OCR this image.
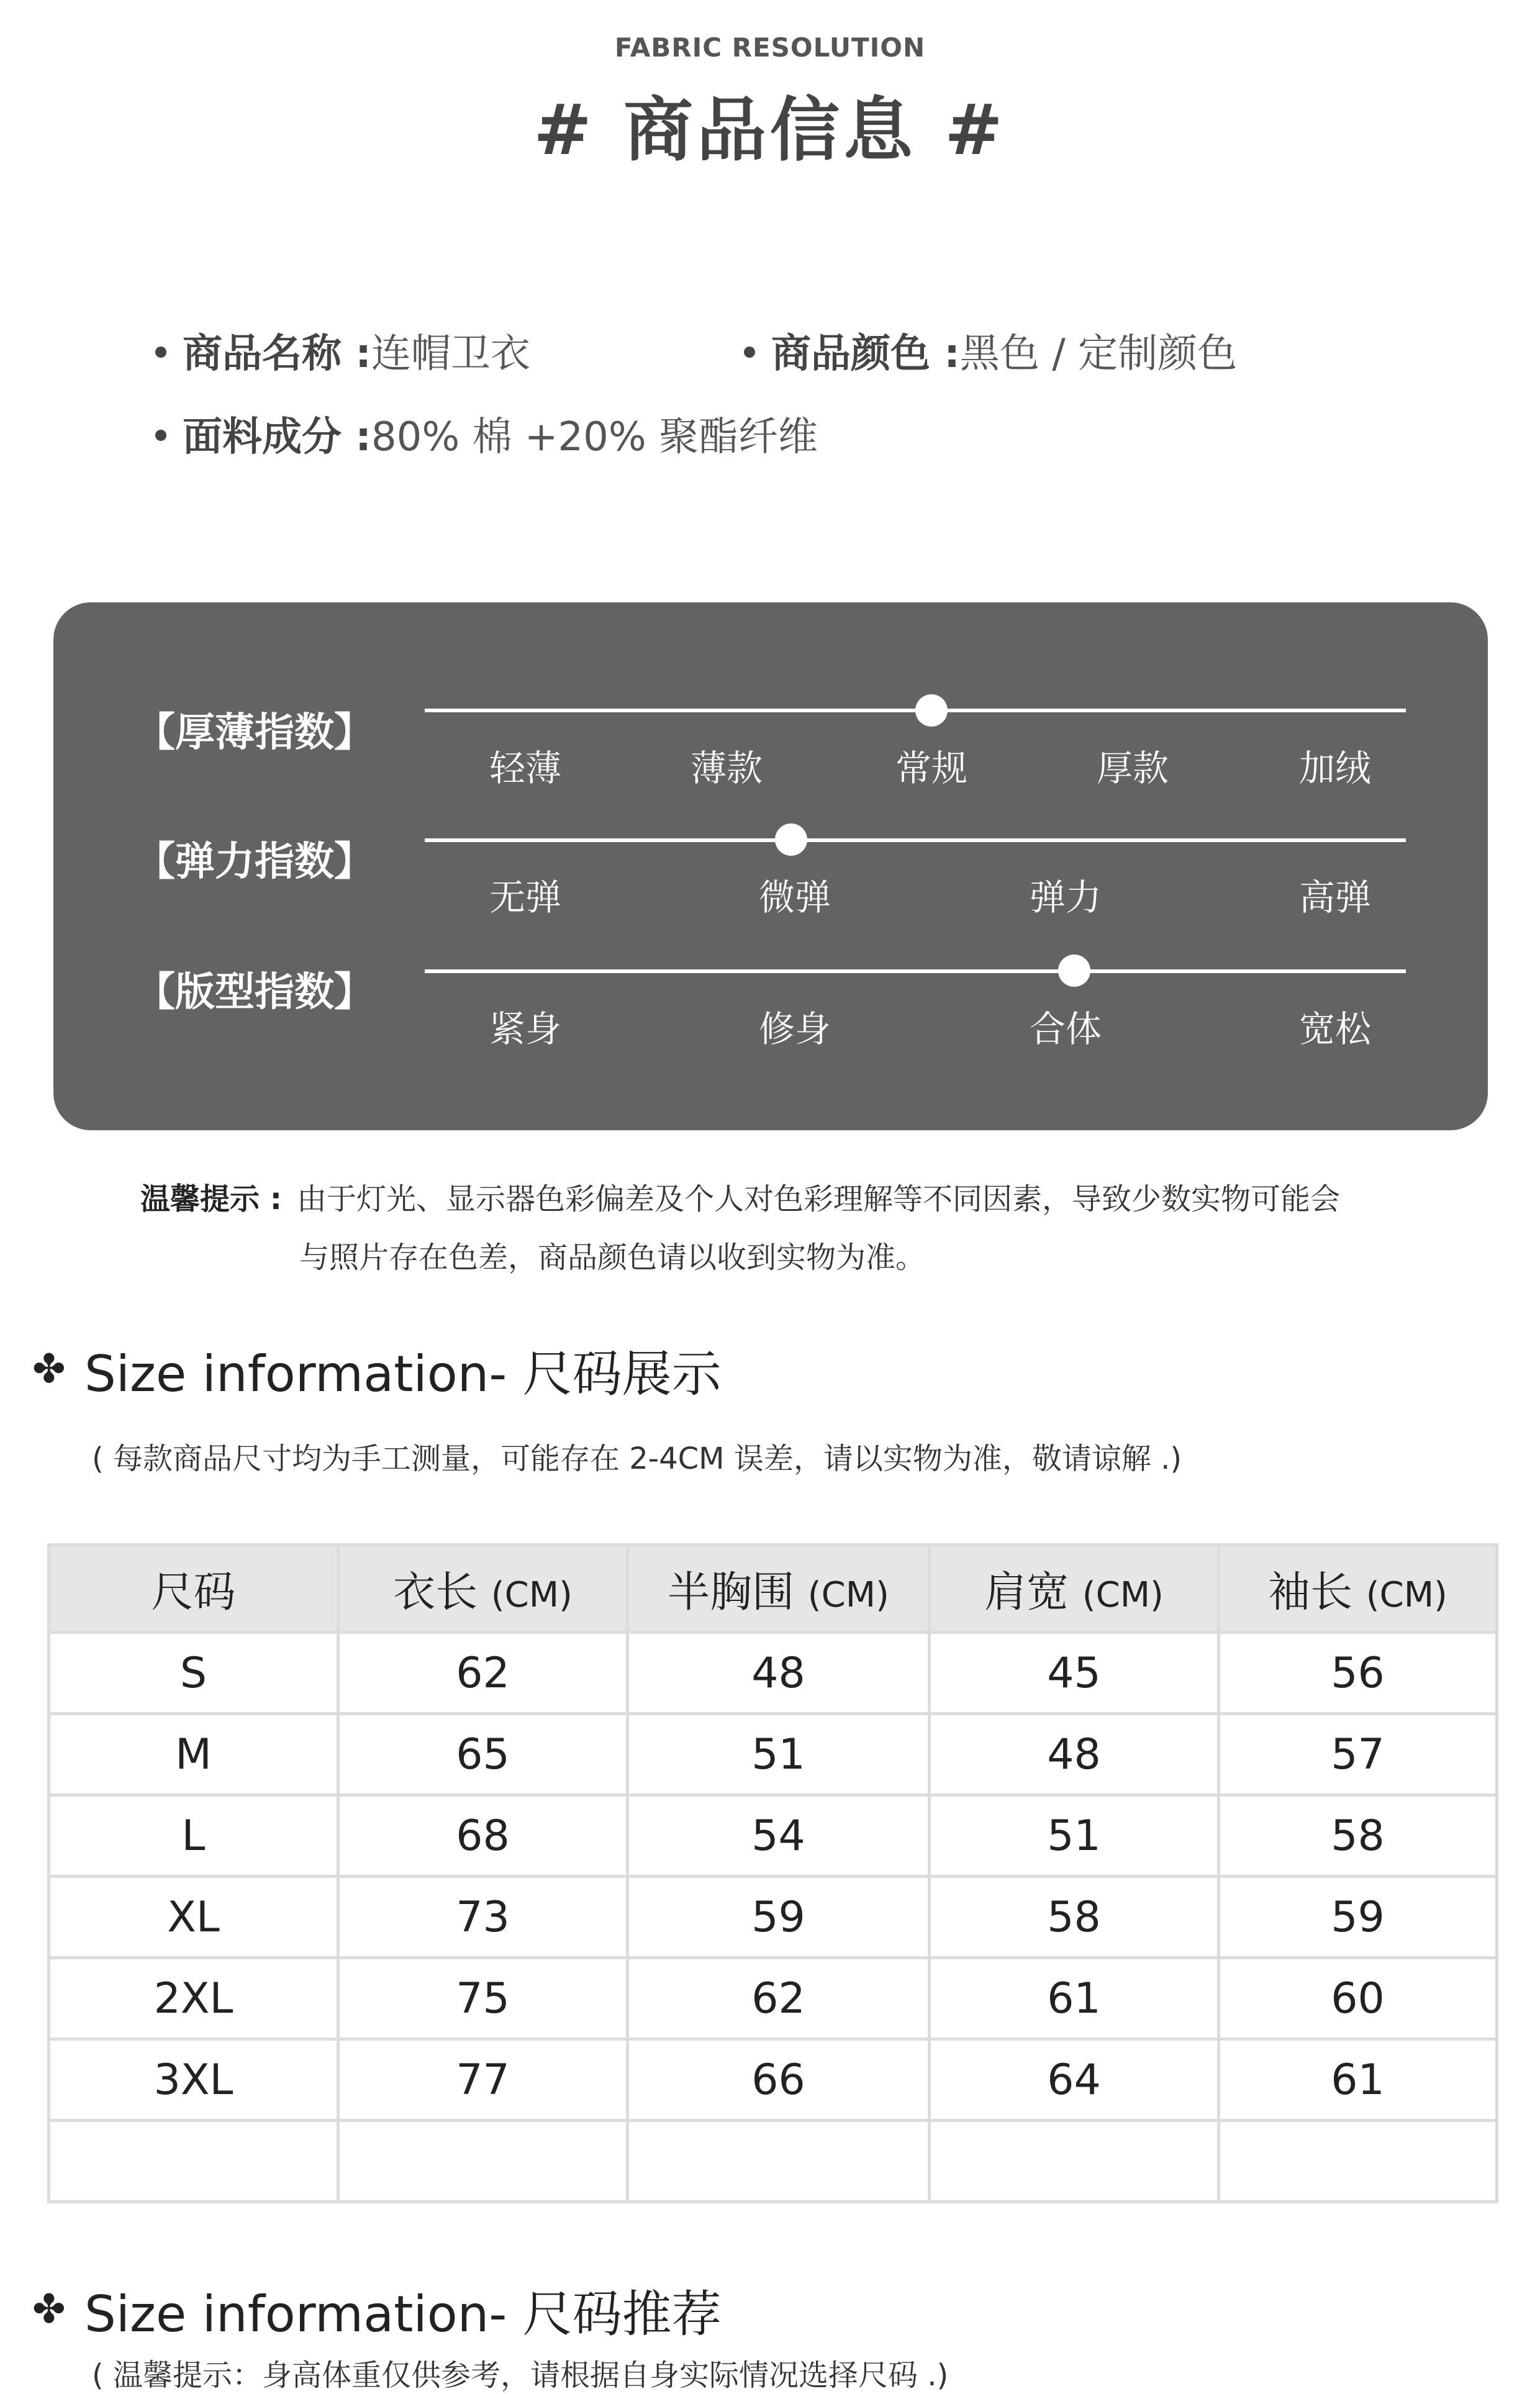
FABRIC RESOLUTION
# 商品信息 #
商品名称 :连帽卫衣	商品颜色 :黑色 / 定制颜色
面料成分 :80% 棉 +20% 聚酯纤维
【厚薄指数】
轻薄	薄款	常规	厚款	加绒
【弹力指数】
无弹	微弹	弹力	高弹
【版型指数】
紧身	修身	合体	宽松
温馨提示 : 由于灯光、显示器色彩偏差及个人对色彩理解等不同因素，导致少数实物可能会
与照片存在色差，商品颜色请以收到实物为准。
✤ Size information- 尺码展示
( 每款商品尺寸均为手工测量，可能存在 2-4CM 误差，请以实物为准，敬请谅解 .)
尺码	衣长 (CM)	半胸围 (CM)	肩宽 (CM)	袖长 (CM)
S	62	48	45	56
M	65	51	48	57
L	68	54	51	58
XL	73	59	58	59
2XL	75	62	61	60
3XL	77	66	64	61

✤ Size information- 尺码推荐
( 温馨提示：身高体重仅供参考，请根据自身实际情况选择尺码 .)
